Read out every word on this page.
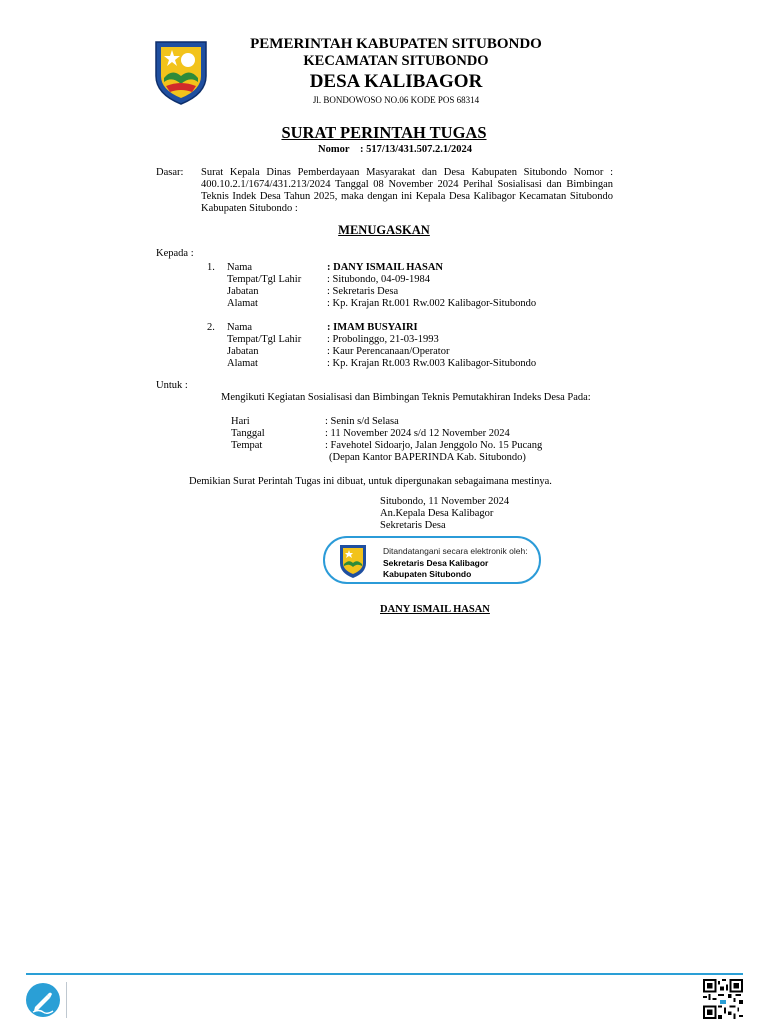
PEMERINTAH KABUPATEN SITUBONDO
KECAMATAN SITUBONDO
DESA KALIBAGOR
Jl. BONDOWOSO NO.06 KODE POS 68314
SURAT PERINTAH TUGAS
Nomor : 517/13/431.507.2.1/2024
Dasar: Surat Kepala Dinas Pemberdayaan Masyarakat dan Desa Kabupaten Situbondo Nomor : 400.10.2.1/1674/431.213/2024 Tanggal 08 November 2024 Perihal Sosialisasi dan Bimbingan Teknis Indek Desa Tahun 2025, maka dengan ini Kepala Desa Kalibagor Kecamatan Situbondo Kabupaten Situbondo :
MENUGASKAN
Kepada :
1. Nama	: DANY ISMAIL HASAN
Tempat/Tgl Lahir : Situbondo, 04-09-1984
Jabatan	: Sekretaris Desa
Alamat	: Kp. Krajan Rt.001 Rw.002 Kalibagor-Situbondo
2. Nama	: IMAM BUSYAIRI
Tempat/Tgl Lahir : Probolinggo, 21-03-1993
Jabatan	: Kaur Perencanaan/Operator
Alamat	: Kp. Krajan Rt.003 Rw.003 Kalibagor-Situbondo
Untuk :
Mengikuti Kegiatan Sosialisasi dan Bimbingan Teknis Pemutakhiran Indeks Desa Pada:
Hari	: Senin s/d Selasa
Tanggal	: 11 November 2024 s/d 12 November 2024
Tempat	: Favehotel Sidoarjo, Jalan Jenggolo No. 15 Pucang
(Depan Kantor BAPERINDA Kab. Situbondo)
Demikian Surat Perintah Tugas ini dibuat, untuk dipergunakan sebagaimana mestinya.
Situbondo, 11 November 2024
An.Kepala Desa Kalibagor
Sekretaris Desa
Ditandatangani secara elektronik oleh:
Sekretaris Desa Kalibagor
Kabupaten Situbondo
DANY ISMAIL HASAN
